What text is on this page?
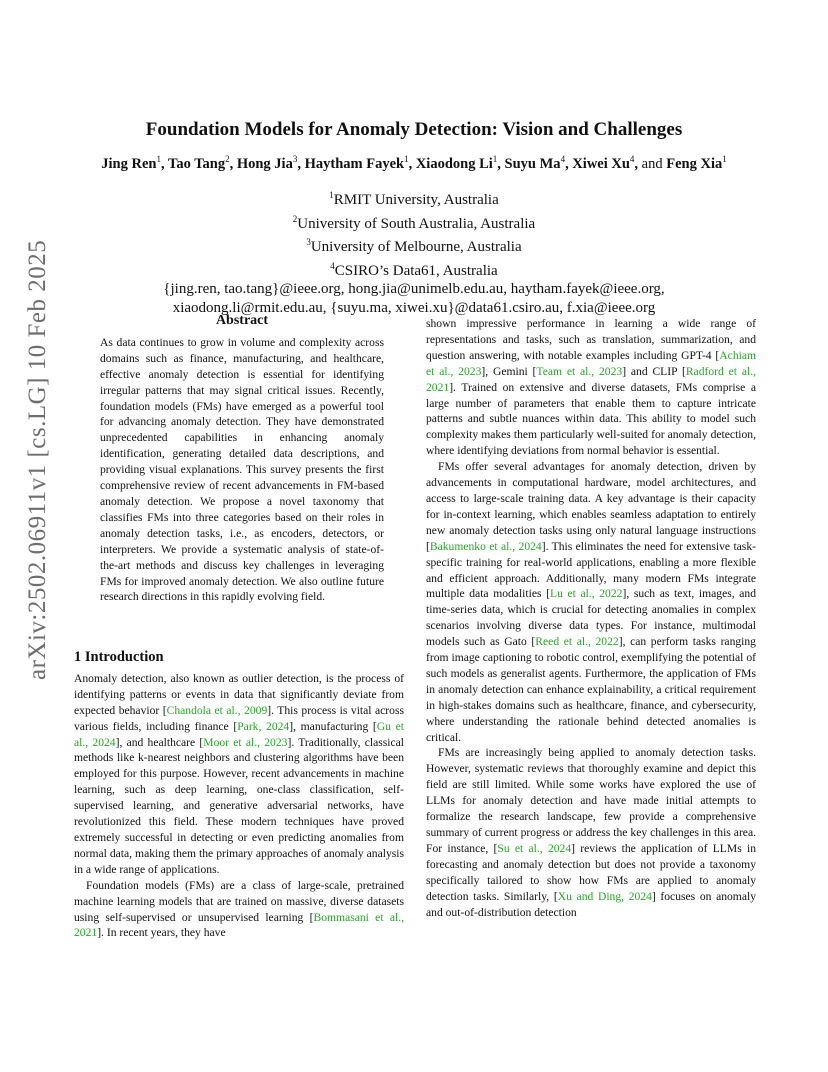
arXiv:2502.06911v1 [cs.LG] 10 Feb 2025
Foundation Models for Anomaly Detection: Vision and Challenges
Jing Ren$^1$, Tao Tang$^2$, Hong Jia$^3$, Haytham Fayek$^1$, Xiaodong Li$^1$, Suyu Ma$^4$, Xiwei Xu$^4$, and Feng Xia$^1$
$^1$RMIT University, Australia
$^2$University of South Australia, Australia
$^3$University of Melbourne, Australia
$^4$CSIRO’s Data61, Australia
{jing.ren, tao.tang}@ieee.org, hong.jia@unimelb.edu.au, haytham.fayek@ieee.org,
xiaodong.li@rmit.edu.au, {suyu.ma, xiwei.xu}@data61.csiro.au, f.xia@ieee.org
Abstract

As data continues to grow in volume and complexity across domains such as finance, manufacturing, and healthcare, effective anomaly detection is essential for identifying irregular patterns that may signal critical issues. Recently, foundation models (FMs) have emerged as a powerful tool for advancing anomaly detection. They have demonstrated unprecedented capabilities in enhancing anomaly identification, generating detailed data descriptions, and providing visual explanations. This survey presents the first comprehensive review of recent advancements in FM-based anomaly detection. We propose a novel taxonomy that classifies FMs into three categories based on their roles in anomaly detection tasks, i.e., as encoders, detectors, or interpreters. We provide a systematic analysis of state-of-the-art methods and discuss key challenges in leveraging FMs for improved anomaly detection. We also outline future research directions in this rapidly evolving field.

1 Introduction

Anomaly detection, also known as outlier detection, is the process of identifying patterns or events in data that significantly deviate from expected behavior [Chandola et al., 2009]. This process is vital across various fields, including finance [Park, 2024], manufacturing [Gu et al., 2024], and healthcare [Moor et al., 2023]. Traditionally, classical methods like k-nearest neighbors and clustering algorithms have been employed for this purpose. However, recent advancements in machine learning, such as deep learning, one-class classification, self-supervised learning, and generative adversarial networks, have revolutionized this field. These modern techniques have proved extremely successful in detecting or even predicting anomalies from normal data, making them the primary approaches of anomaly analysis in a wide range of applications.

Foundation models (FMs) are a class of large-scale, pretrained machine learning models that are trained on massive, diverse datasets using self-supervised or unsupervised learning [Bommasani et al., 2021]. In recent years, they have

shown impressive performance in learning a wide range of representations and tasks, such as translation, summarization, and question answering, with notable examples including GPT-4 [Achiam et al., 2023], Gemini [Team et al., 2023] and CLIP [Radford et al., 2021]. Trained on extensive and diverse datasets, FMs comprise a large number of parameters that enable them to capture intricate patterns and subtle nuances within data. This ability to model such complexity makes them particularly well-suited for anomaly detection, where identifying deviations from normal behavior is essential.

FMs offer several advantages for anomaly detection, driven by advancements in computational hardware, model architectures, and access to large-scale training data. A key advantage is their capacity for in-context learning, which enables seamless adaptation to entirely new anomaly detection tasks using only natural language instructions [Bakumenko et al., 2024]. This eliminates the need for extensive task-specific training for real-world applications, enabling a more flexible and efficient approach. Additionally, many modern FMs integrate multiple data modalities [Lu et al., 2022], such as text, images, and time-series data, which is crucial for detecting anomalies in complex scenarios involving diverse data types. For instance, multimodal models such as Gato [Reed et al., 2022], can perform tasks ranging from image captioning to robotic control, exemplifying the potential of such models as generalist agents. Furthermore, the application of FMs in anomaly detection can enhance explainability, a critical requirement in high-stakes domains such as healthcare, finance, and cybersecurity, where understanding the rationale behind detected anomalies is critical.

FMs are increasingly being applied to anomaly detection tasks. However, systematic reviews that thoroughly examine and depict this field are still limited. While some works have explored the use of LLMs for anomaly detection and have made initial attempts to formalize the research landscape, few provide a comprehensive summary of current progress or address the key challenges in this area. For instance, [Su et al., 2024] reviews the application of LLMs in forecasting and anomaly detection but does not provide a taxonomy specifically tailored to show how FMs are applied to anomaly detection tasks. Similarly, [Xu and Ding, 2024] focuses on anomaly and out-of-distribution detection
